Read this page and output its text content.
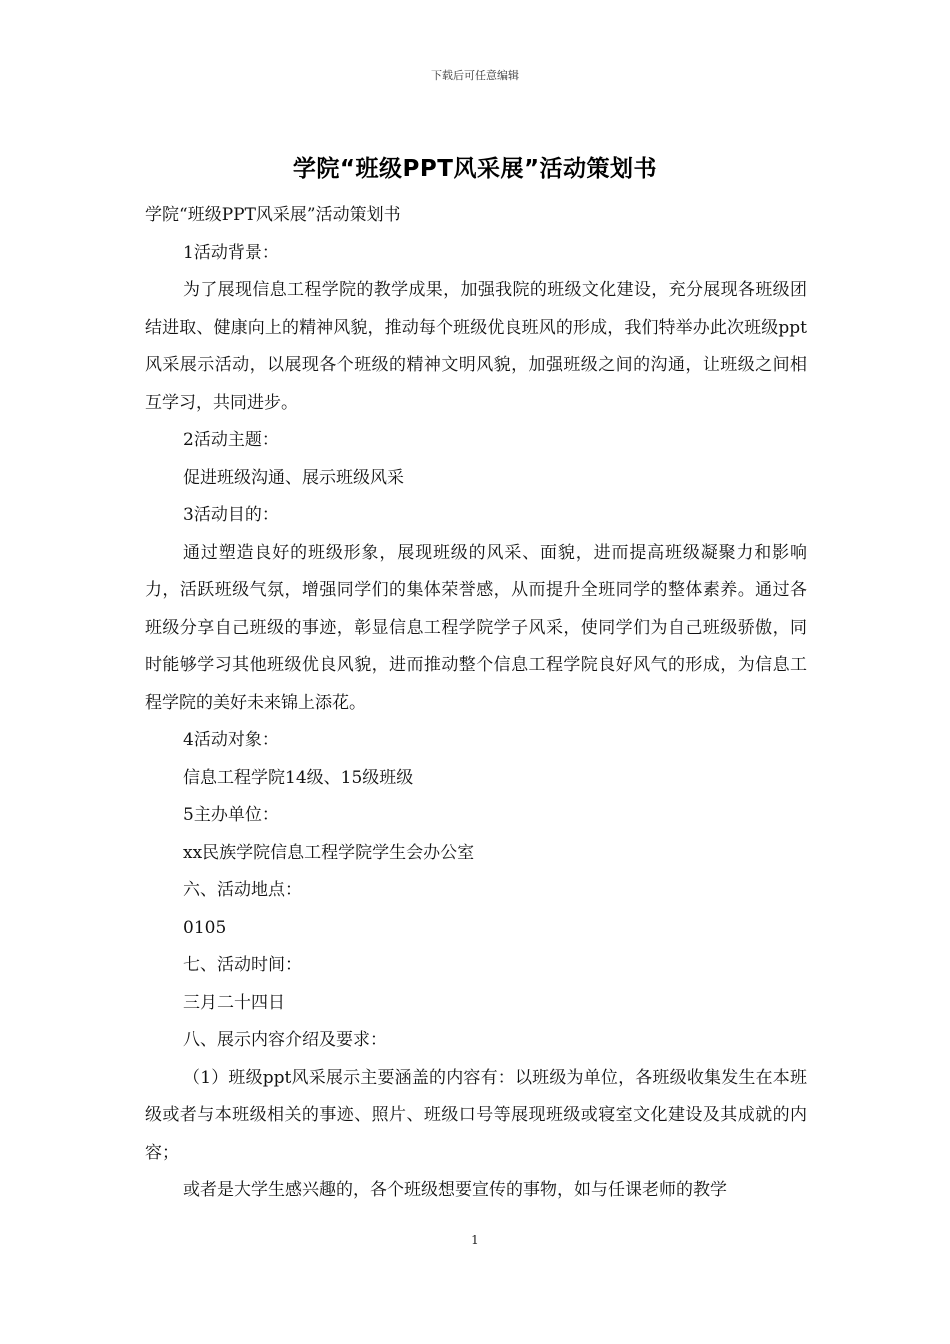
下载后可任意编辑
学院“班级PPT风采展”活动策划书

学院“班级PPT风采展”活动策划书

1活动背景：

为了展现信息工程学院的教学成果，加强我院的班级文化建设，充分展现各班级团结进取、健康向上的精神风貌，推动每个班级优良班风的形成，我们特举办此次班级ppt风采展示活动，以展现各个班级的精神文明风貌，加强班级之间的沟通，让班级之间相互学习，共同进步。

2活动主题：

促进班级沟通、展示班级风采

3活动目的：

通过塑造良好的班级形象，展现班级的风采、面貌，进而提高班级凝聚力和影响力，活跃班级气氛，增强同学们的集体荣誉感，从而提升全班同学的整体素养。通过各班级分享自己班级的事迹，彰显信息工程学院学子风采，使同学们为自己班级骄傲，同时能够学习其他班级优良风貌，进而推动整个信息工程学院良好风气的形成，为信息工程学院的美好未来锦上添花。

4活动对象：

信息工程学院14级、15级班级

5主办单位：

xx民族学院信息工程学院学生会办公室

六、活动地点：

0105

七、活动时间：

三月二十四日

八、展示内容介绍及要求：

（1）班级ppt风采展示主要涵盖的内容有：以班级为单位，各班级收集发生在本班级或者与本班级相关的事迹、照片、班级口号等展现班级或寝室文化建设及其成就的内容；

或者是大学生感兴趣的，各个班级想要宣传的事物，如与任课老师的教学

1
